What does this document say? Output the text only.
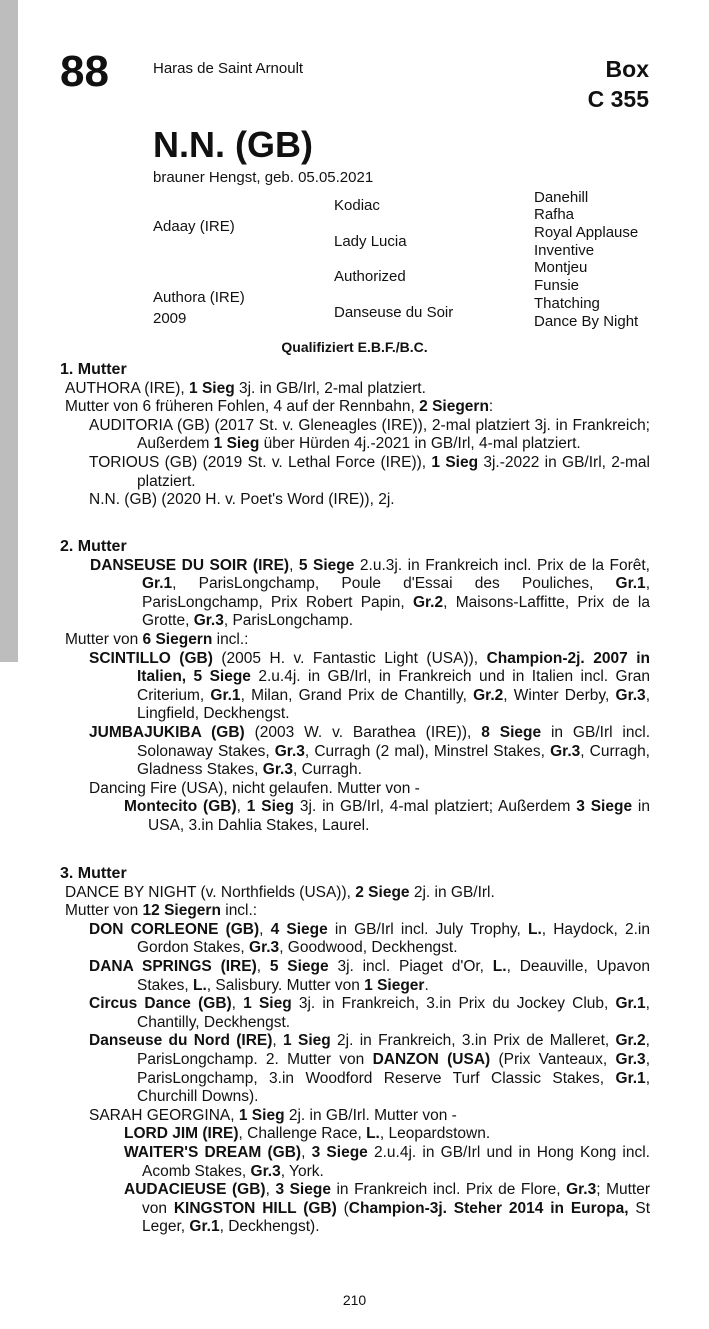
88	Haras de Saint Arnoult	Box
C 355
N.N. (GB)
brauner Hengst, geb. 05.05.2021
Adaay (IRE)
Authora (IRE)
2009
Kodiac
Lady Lucia
Authorized
Danseuse du Soir
Danehill
Rafha
Royal Applause
Inventive
Montjeu
Funsie
Thatching
Dance By Night
Qualifiziert E.B.F./B.C.
1. Mutter

AUTHORA (IRE), 1 Sieg 3j. in GB/Irl, 2-mal platziert.

Mutter von 6 früheren Fohlen, 4 auf der Rennbahn, 2 Siegern:

AUDITORIA (GB) (2017 St. v. Gleneagles (IRE)), 2-mal platziert 3j. in Frankreich; Außerdem 1 Sieg über Hürden 4j.-2021 in GB/Irl, 4-mal platziert.

TORIOUS (GB) (2019 St. v. Lethal Force (IRE)), 1 Sieg 3j.-2022 in GB/Irl, 2-mal platziert.

N.N. (GB) (2020 H. v. Poet's Word (IRE)), 2j.

2. Mutter

DANSEUSE DU SOIR (IRE), 5 Siege 2.u.3j. in Frankreich incl. Prix de la Forêt, Gr.1, ParisLongchamp, Poule d'Essai des Pouliches, Gr.1, ParisLongchamp, Prix Robert Papin, Gr.2, Maisons-Laffitte, Prix de la Grotte, Gr.3, ParisLongchamp.

Mutter von 6 Siegern incl.:

SCINTILLO (GB) (2005 H. v. Fantastic Light (USA)), Champion-2j. 2007 in Italien, 5 Siege 2.u.4j. in GB/Irl, in Frankreich und in Italien incl. Gran Criterium, Gr.1, Milan, Grand Prix de Chantilly, Gr.2, Winter Derby, Gr.3, Lingfield, Deckhengst.

JUMBAJUKIBA (GB) (2003 W. v. Barathea (IRE)), 8 Siege in GB/Irl incl. Solonaway Stakes, Gr.3, Curragh (2 mal), Minstrel Stakes, Gr.3, Curragh, Gladness Stakes, Gr.3, Curragh.

Dancing Fire (USA), nicht gelaufen. Mutter von -

Montecito (GB), 1 Sieg 3j. in GB/Irl, 4-mal platziert; Außerdem 3 Siege in USA, 3.in Dahlia Stakes, Laurel.

3. Mutter

DANCE BY NIGHT (v. Northfields (USA)), 2 Siege 2j. in GB/Irl.

Mutter von 12 Siegern incl.:

DON CORLEONE (GB), 4 Siege in GB/Irl incl. July Trophy, L., Haydock, 2.in Gordon Stakes, Gr.3, Goodwood, Deckhengst.

DANA SPRINGS (IRE), 5 Siege 3j. incl. Piaget d'Or, L., Deauville, Upavon Stakes, L., Salisbury. Mutter von 1 Sieger.

Circus Dance (GB), 1 Sieg 3j. in Frankreich, 3.in Prix du Jockey Club, Gr.1, Chantilly, Deckhengst.

Danseuse du Nord (IRE), 1 Sieg 2j. in Frankreich, 3.in Prix de Malleret, Gr.2, ParisLongchamp. 2. Mutter von DANZON (USA) (Prix Vanteaux, Gr.3, ParisLongchamp, 3.in Woodford Reserve Turf Classic Stakes, Gr.1, Churchill Downs).

SARAH GEORGINA, 1 Sieg 2j. in GB/Irl. Mutter von -

LORD JIM (IRE), Challenge Race, L., Leopardstown.

WAITER'S DREAM (GB), 3 Siege 2.u.4j. in GB/Irl und in Hong Kong incl. Acomb Stakes, Gr.3, York.

AUDACIEUSE (GB), 3 Siege in Frankreich incl. Prix de Flore, Gr.3; Mutter von KINGSTON HILL (GB) (Champion-3j. Steher 2014 in Europa, St Leger, Gr.1, Deckhengst).

210
